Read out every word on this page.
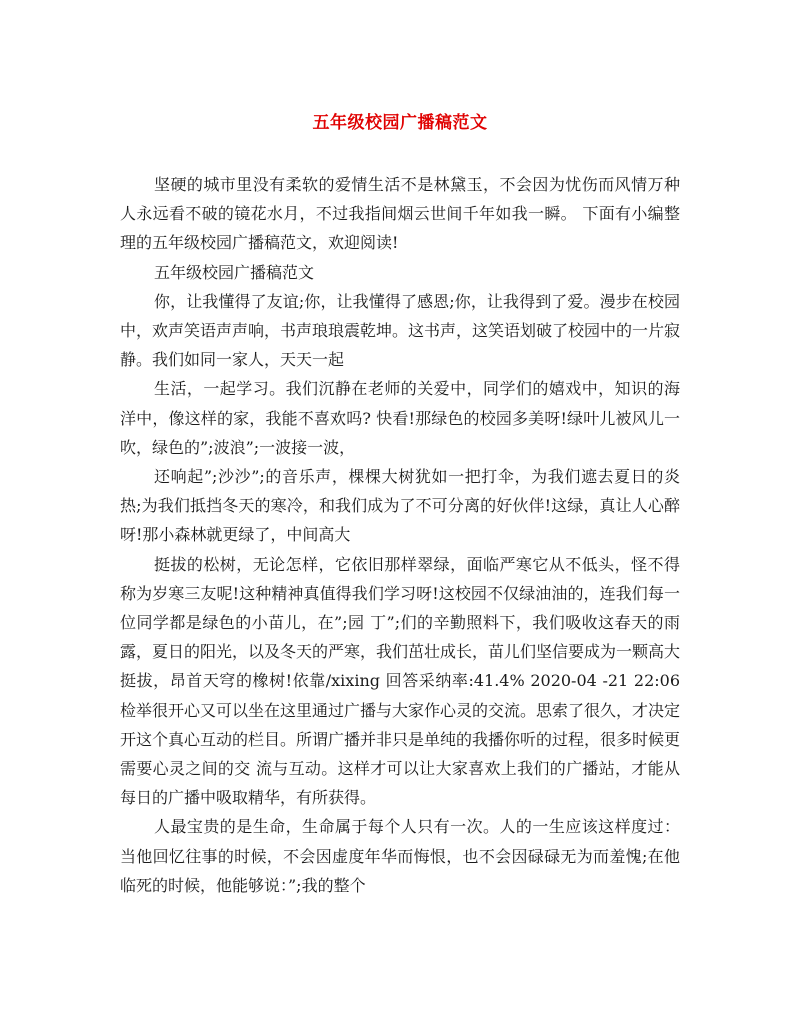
五年级校园广播稿范文

坚硬的城市里没有柔软的爱情生活不是林黛玉，不会因为忧伤而风情万种人永远看不破的镜花水月，不过我指间烟云世间千年如我一瞬。 下面有小编整理的五年级校园广播稿范文，欢迎阅读!

五年级校园广播稿范文

你，让我懂得了友谊;你，让我懂得了感恩;你，让我得到了爱。漫步在校园中，欢声笑语声声响，书声琅琅震乾坤。这书声，这笑语划破了校园中的一片寂静。我们如同一家人，天天一起

生活，一起学习。我们沉静在老师的关爱中，同学们的嬉戏中，知识的海洋中，像这样的家，我能不喜欢吗? 快看!那绿色的校园多美呀!绿叶儿被风儿一吹，绿色的”;波浪”;一波接一波，

还响起”;沙沙”;的音乐声，棵棵大树犹如一把打伞，为我们遮去夏日的炎热;为我们抵挡冬天的寒冷，和我们成为了不可分离的好伙伴!这绿，真让人心醉呀!那小森林就更绿了，中间高大

挺拔的松树，无论怎样，它依旧那样翠绿，面临严寒它从不低头，怪不得称为岁寒三友呢!这种精神真值得我们学习呀!这校园不仅绿油油的，连我们每一位同学都是绿色的小苗儿，在”;园 丁”;们的辛勤照料下，我们吸收这春天的雨露，夏日的阳光，以及冬天的严寒，我们茁壮成长，苗儿们坚信要成为一颗高大挺拔，昂首天穹的橡树!依靠/xixing 回答采纳率:41.4% 2020-04 -21 22:06 检举很开心又可以坐在这里通过广播与大家作心灵的交流。思索了很久，才决定开这个真心互动的栏目。所谓广播并非只是单纯的我播你听的过程，很多时候更需要心灵之间的交 流与互动。这样才可以让大家喜欢上我们的广播站，才能从每日的广播中吸取精华，有所获得。

人最宝贵的是生命，生命属于每个人只有一次。人的一生应该这样度过：当他回忆往事的时候，不会因虚度年华而悔恨，也不会因碌碌无为而羞愧;在他临死的时候，他能够说：”;我的整个
